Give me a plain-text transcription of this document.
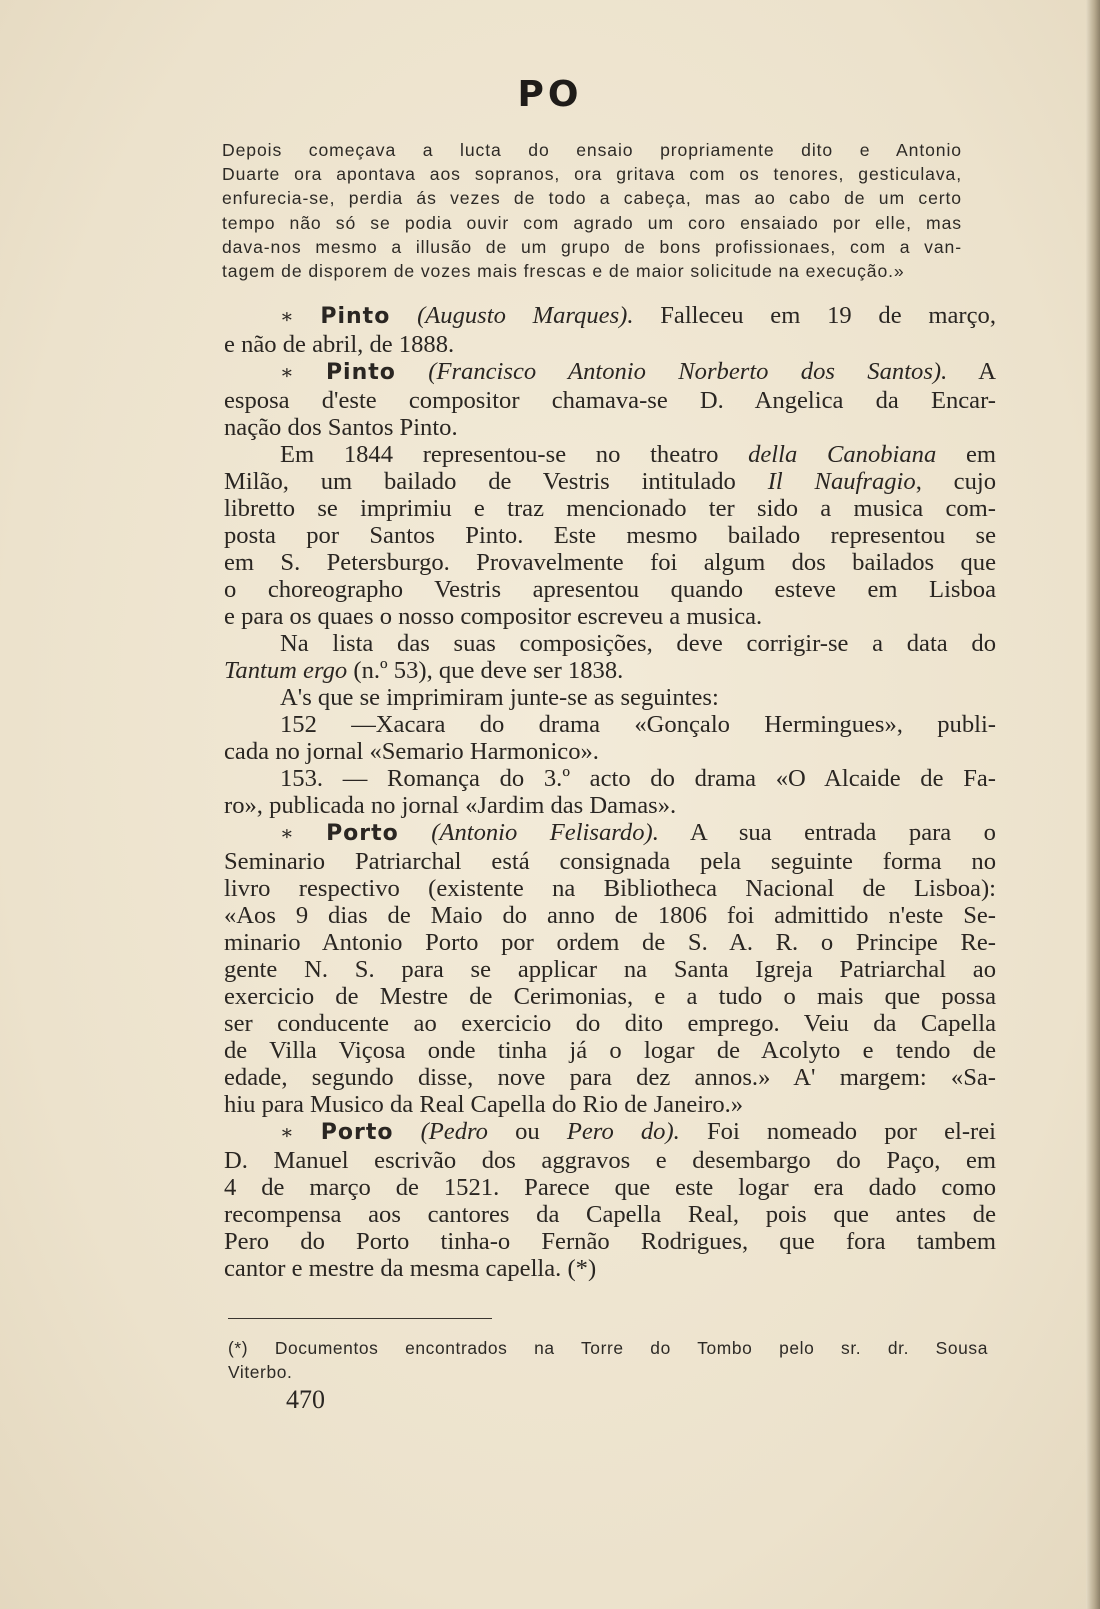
PO
Depois começava a lucta do ensaio propriamente dito e Antonio
Duarte ora apontava aos sopranos, ora gritava com os tenores, gesticulava,
enfurecia-se, perdia ás vezes de todo a cabeça, mas ao cabo de um certo
tempo não só se podia ouvir com agrado um coro ensaiado por elle, mas
dava-nos mesmo a illusão de um grupo de bons profissionaes, com a van-
tagem de disporem de vozes mais frescas e de maior solicitude na execução.»
∗ Pinto (Augusto Marques). Falleceu em 19 de março,
e não de abril, de 1888.
∗ Pinto (Francisco Antonio Norberto dos Santos). A
esposa d'este compositor chamava-se D. Angelica da Encar-
nação dos Santos Pinto.
Em 1844 representou-se no theatro della Canobiana em
Milão, um bailado de Vestris intitulado Il Naufragio, cujo
libretto se imprimiu e traz mencionado ter sido a musica com-
posta por Santos Pinto. Este mesmo bailado representou se
em S. Petersburgo. Provavelmente foi algum dos bailados que
o choreographo Vestris apresentou quando esteve em Lisboa
e para os quaes o nosso compositor escreveu a musica.
Na lista das suas composições, deve corrigir-se a data do
Tantum ergo (n.º 53), que deve ser 1838.
A's que se imprimiram junte-se as seguintes:
152 —Xacara do drama «Gonçalo Hermingues», publi-
cada no jornal «Semario Harmonico».
153. — Romança do 3.º acto do drama «O Alcaide de Fa-
ro», publicada no jornal «Jardim das Damas».
∗ Porto (Antonio Felisardo). A sua entrada para o
Seminario Patriarchal está consignada pela seguinte forma no
livro respectivo (existente na Bibliotheca Nacional de Lisboa):
«Aos 9 dias de Maio do anno de 1806 foi admittido n'este Se-
minario Antonio Porto por ordem de S. A. R. o Principe Re-
gente N. S. para se applicar na Santa Igreja Patriarchal ao
exercicio de Mestre de Cerimonias, e a tudo o mais que possa
ser conducente ao exercicio do dito emprego. Veiu da Capella
de Villa Viçosa onde tinha já o logar de Acolyto e tendo de
edade, segundo disse, nove para dez annos.» A' margem: «Sa-
hiu para Musico da Real Capella do Rio de Janeiro.»
∗ Porto (Pedro ou Pero do). Foi nomeado por el-rei
D. Manuel escrivão dos aggravos e desembargo do Paço, em
4 de março de 1521. Parece que este logar era dado como
recompensa aos cantores da Capella Real, pois que antes de
Pero do Porto tinha-o Fernão Rodrigues, que fora tambem
cantor e mestre da mesma capella. (*)
(*) Documentos encontrados na Torre do Tombo pelo sr. dr. Sousa
Viterbo.
470
